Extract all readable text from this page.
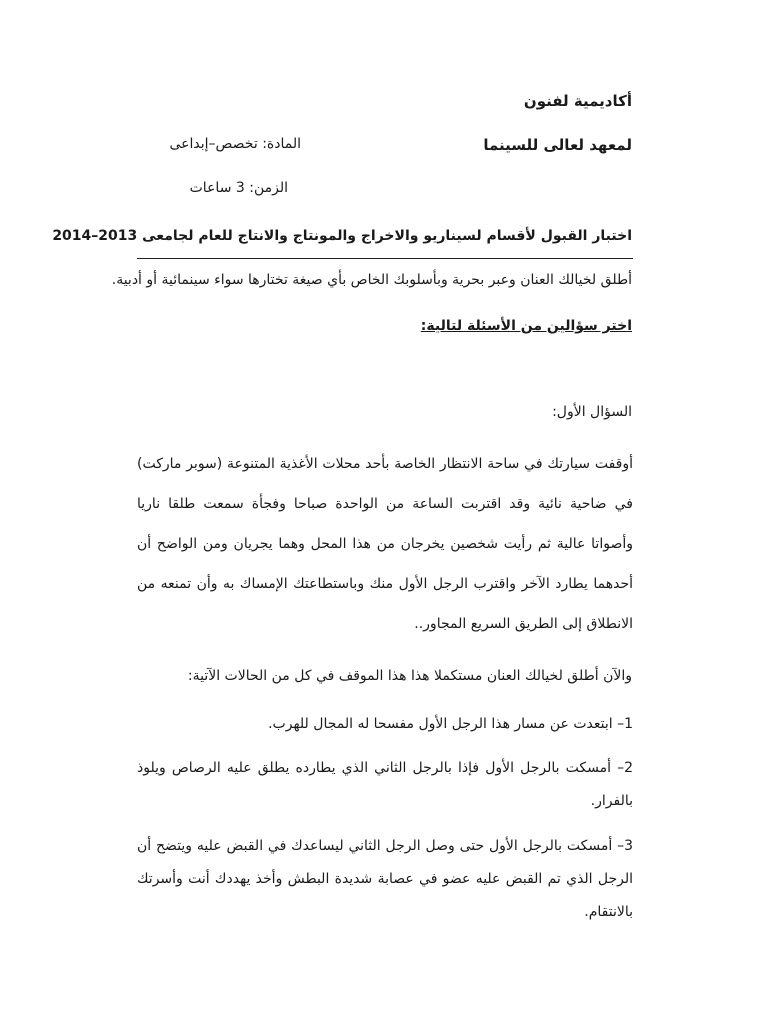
أكاديمية لفنون
لمعهد لعالى للسينما
المادة: تخصص–إبداعى
الزمن: 3 ساعات
اختبار القبول لأقسام لسيناريو والاخراج والمونتاج والانتاج للعام لجامعى 2013–2014
أطلق لخيالك العنان وعبر بحرية وبأسلوبك الخاص بأي صيغة تختارها سواء سينمائية أو أدبية.
اختر سؤالين من الأسئلة لتالية:
السؤال الأول:
أوقفت سيارتك في ساحة الانتظار الخاصة بأحد محلات الأغذية المتنوعة (سوبر ماركت) في ضاحية نائية وقد اقتربت الساعة من الواحدة صباحا وفجأة سمعت طلقا ناريا وأصواتا عالية ثم رأيت شخصين يخرجان من هذا المحل وهما يجريان ومن الواضح أن أحدهما يطارد الآخر واقترب الرجل الأول منك وباستطاعتك الإمساك به وأن تمنعه من الانطلاق إلى الطريق السريع المجاور..
والآن أطلق لخيالك العنان مستكملا هذا هذا الموقف في كل من الحالات الآتية:
1– ابتعدت عن مسار هذا الرجل الأول مفسحا له المجال للهرب.
2– أمسكت بالرجل الأول فإذا بالرجل الثاني الذي يطارده يطلق عليه الرصاص ويلوذ بالفرار.
3– أمسكت بالرجل الأول حتى وصل الرجل الثاني ليساعدك في القبض عليه ويتضح أن الرجل الذي تم القبض عليه عضو في عصابة شديدة البطش وأخذ يهددك أنت وأسرتك بالانتقام.
